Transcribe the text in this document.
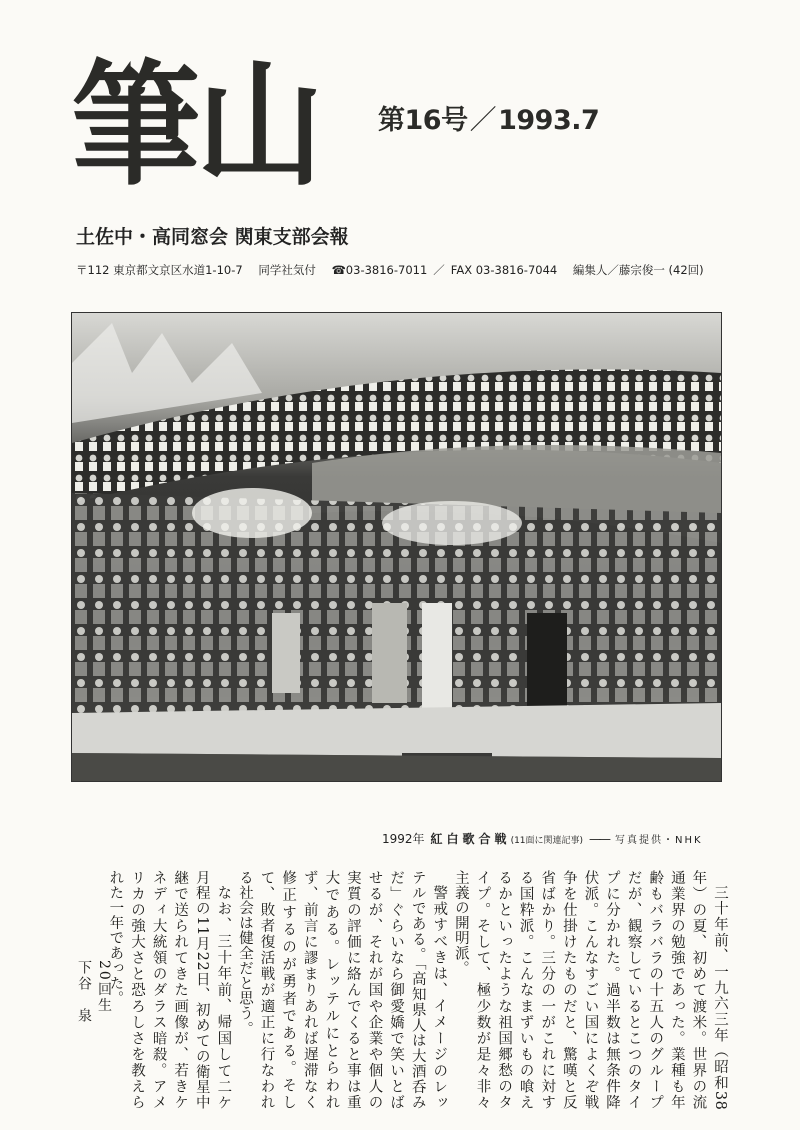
筆山 第16号／1993.7
土佐中・高同窓会 関東支部会報
〒112 東京都文京区水道1-10-7 同学社気付 ☎03-3816-7011 ／ FAX 03-3816-7044 編集人／藤宗俊一 (42回)
1992年 紅白歌合戦(11面に関連記事) —— 写真提供・NHK

三十年前、一九六三年（昭和38年）の夏、初めて渡米。世界の流通業界の勉強であった。業種も年齢もバラバラの十五人のグループだが、観察しているとこつのタイプに分かれた。過半数は無条件降伏派。こんなすごい国によくぞ戦争を仕掛けたものだと、驚嘆と反省ばかり。三分の一がこれに対する国粋派。こんなまずいもの喰えるかといったような祖国郷愁のタイプ。そして、極少数が是々非々主義の開明派。

警戒すべきは、イメージのレッテルである。「高知県人は大酒呑みだ」ぐらいなら御愛嬌で笑いとばせるが、それが国や企業や個人の実質の評価に絡んでくると事は重大である。レッテルにとらわれず、前言に謬まりあれば遅滞なく修正するのが勇者である。そして、敗者復活戦が適正に行なわれる社会は健全だと思う。

なお、三十年前、帰国して二ケ月程の11月22日、初めての衛星中継で送られてきた画像が、若きケネディ大統領のダラス暗殺。アメリカの強大さと恐ろしさを教えられた一年であった。

20回生下谷　泉
